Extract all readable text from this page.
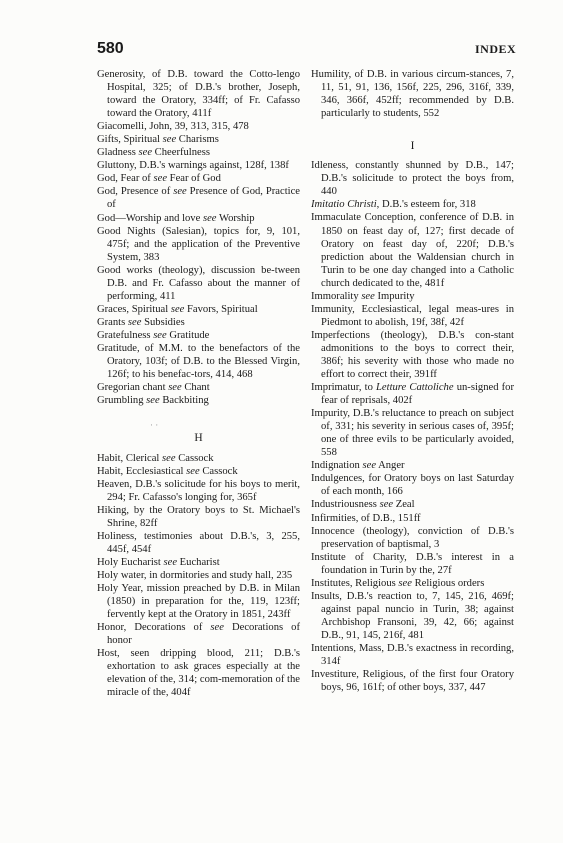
580	INDEX
Generosity, of D.B. toward the Cotto-lengo Hospital, 325; of D.B.'s brother, Joseph, toward the Oratory, 334ff; of Fr. Cafasso toward the Oratory, 411f
Giacomelli, John, 39, 313, 315, 478
Gifts, Spiritual see Charisms
Gladness see Cheerfulness
Gluttony, D.B.'s warnings against, 128f, 138f
God, Fear of see Fear of God
God, Presence of see Presence of God, Practice of
God—Worship and love see Worship
Good Nights (Salesian), topics for, 9, 101, 475f; and the application of the Preventive System, 383
Good works (theology), discussion be-tween D.B. and Fr. Cafasso about the manner of performing, 411
Graces, Spiritual see Favors, Spiritual
Grants see Subsidies
Gratefulness see Gratitude
Gratitude, of M.M. to the benefactors of the Oratory, 103f; of D.B. to the Blessed Virgin, 126f; to his benefac-tors, 414, 468
Gregorian chant see Chant
Grumbling see Backbiting
H
Habit, Clerical see Cassock
Habit, Ecclesiastical see Cassock
Heaven, D.B.'s solicitude for his boys to merit, 294; Fr. Cafasso's longing for, 365f
Hiking, by the Oratory boys to St. Michael's Shrine, 82ff
Holiness, testimonies about D.B.'s, 3, 255, 445f, 454f
Holy Eucharist see Eucharist
Holy water, in dormitories and study hall, 235
Holy Year, mission preached by D.B. in Milan (1850) in preparation for the, 119, 123ff; fervently kept at the Oratory in 1851, 243ff
Honor, Decorations of see Decorations of honor
Host, seen dripping blood, 211; D.B.'s exhortation to ask graces especially at the elevation of the, 314; com-memoration of the miracle of the, 404f
Humility, of D.B. in various circum-stances, 7, 11, 51, 91, 136, 156f, 225, 296, 316f, 339, 346, 366f, 452ff; recommended by D.B. particularly to students, 552
I
Idleness, constantly shunned by D.B., 147; D.B.'s solicitude to protect the boys from, 440
Imitatio Christi, D.B.'s esteem for, 318
Immaculate Conception, conference of D.B. in 1850 on feast day of, 127; first decade of Oratory on feast day of, 220f; D.B.'s prediction about the Waldensian church in Turin to be one day changed into a Catholic church dedicated to the, 481f
Immorality see Impurity
Immunity, Ecclesiastical, legal meas-ures in Piedmont to abolish, 19f, 38f, 42f
Imperfections (theology), D.B.'s con-stant admonitions to the boys to correct their, 386f; his severity with those who made no effort to correct their, 391ff
Imprimatur, to Letture Cattoliche un-signed for fear of reprisals, 402f
Impurity, D.B.'s reluctance to preach on subject of, 331; his severity in serious cases of, 395f; one of three evils to be particularly avoided, 558
Indignation see Anger
Indulgences, for Oratory boys on last Saturday of each month, 166
Industriousness see Zeal
Infirmities, of D.B., 151ff
Innocence (theology), conviction of D.B.'s preservation of baptismal, 3
Institute of Charity, D.B.'s interest in a foundation in Turin by the, 27f
Institutes, Religious see Religious orders
Insults, D.B.'s reaction to, 7, 145, 216, 469f; against papal nuncio in Turin, 38; against Archbishop Fransoni, 39, 42, 66; against D.B., 91, 145, 216f, 481
Intentions, Mass, D.B.'s exactness in recording, 314f
Investiture, Religious, of the first four Oratory boys, 96, 161f; of other boys, 337, 447
· ·
